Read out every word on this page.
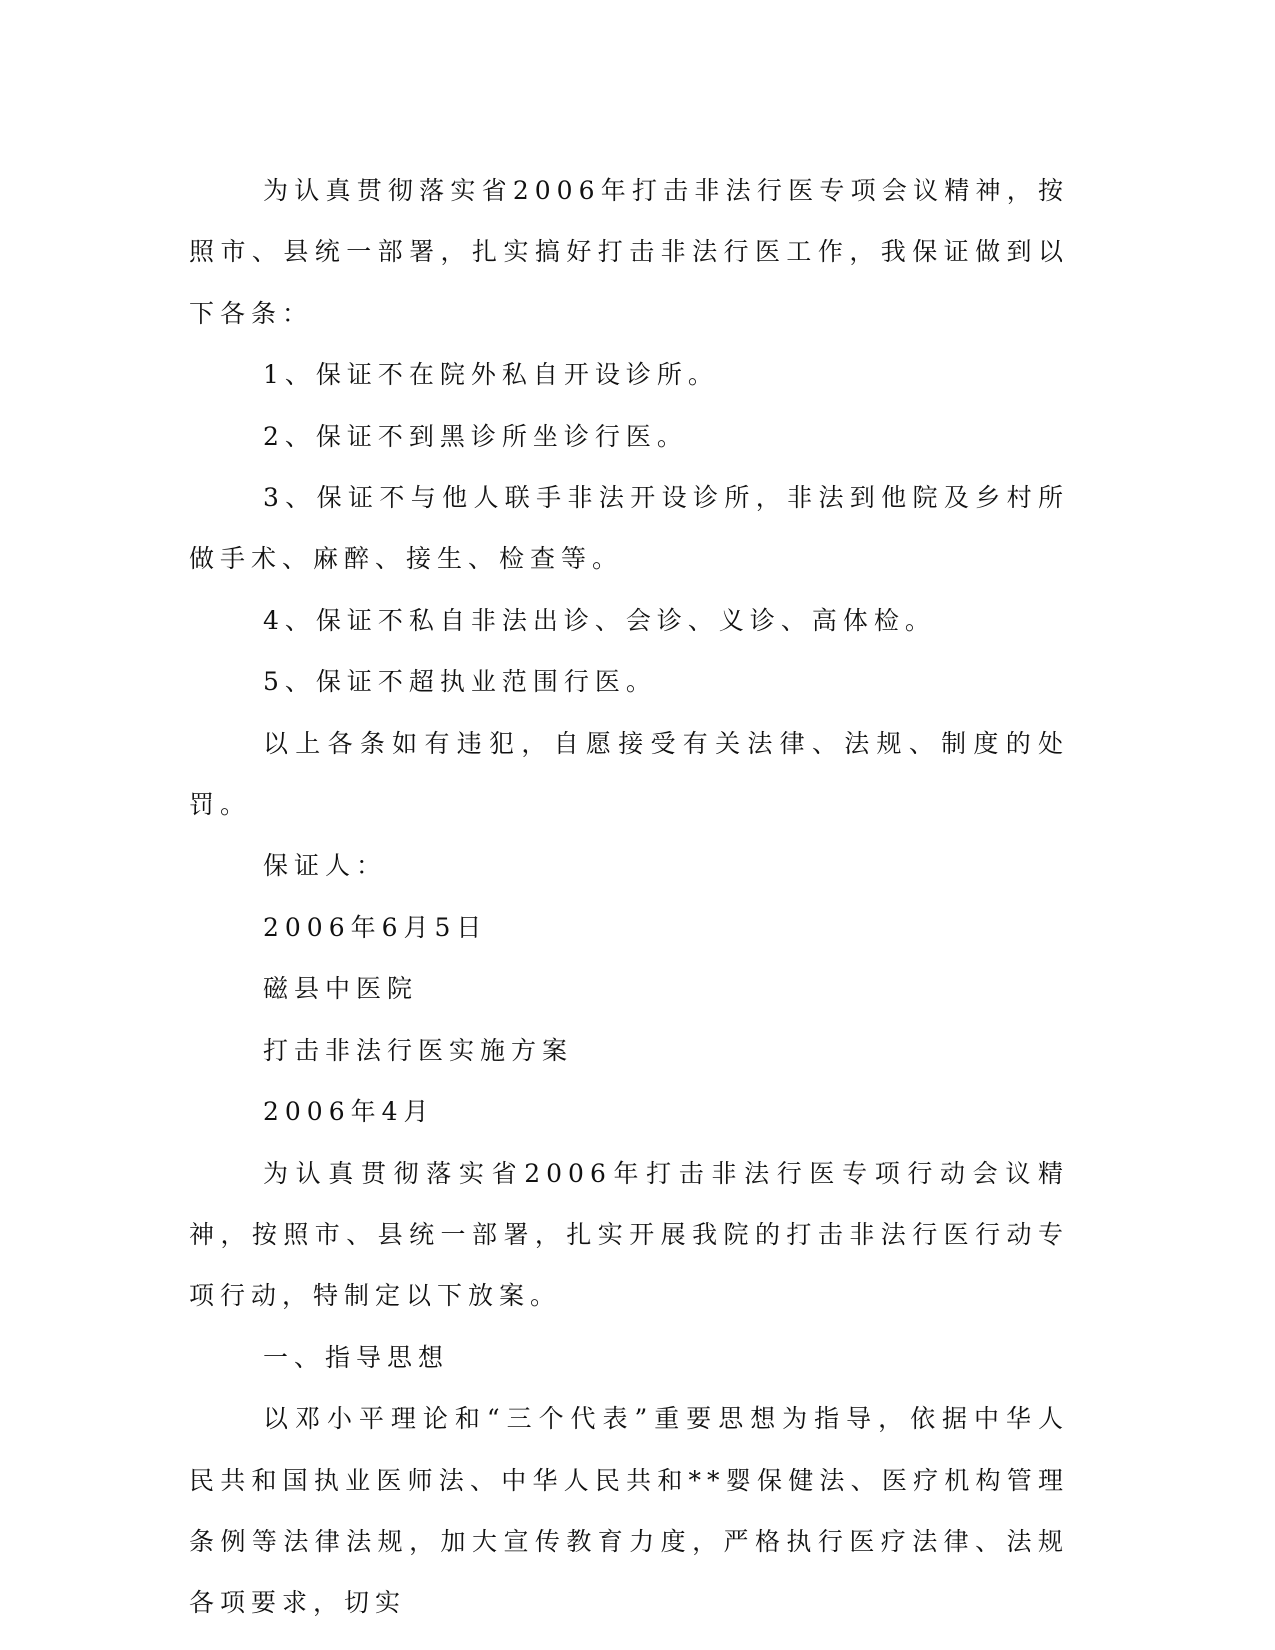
为认真贯彻落实省2006年打击非法行医专项会议精神，按照市、县统一部署，扎实搞好打击非法行医工作，我保证做到以下各条：

1、保证不在院外私自开设诊所。

2、保证不到黑诊所坐诊行医。

3、保证不与他人联手非法开设诊所，非法到他院及乡村所做手术、麻醉、接生、检查等。

4、保证不私自非法出诊、会诊、义诊、高体检。

5、保证不超执业范围行医。

以上各条如有违犯，自愿接受有关法律、法规、制度的处罚。

保证人：

2006年6月5日

磁县中医院

打击非法行医实施方案

2006年4月

为认真贯彻落实省2006年打击非法行医专项行动会议精神，按照市、县统一部署，扎实开展我院的打击非法行医行动专项行动，特制定以下放案。

一、指导思想

以邓小平理论和“三个代表”重要思想为指导，依据中华人民共和国执业医师法、中华人民共和**婴保健法、医疗机构管理条例等法律法规，加大宣传教育力度，严格执行医疗法律、法规各项要求，切实
